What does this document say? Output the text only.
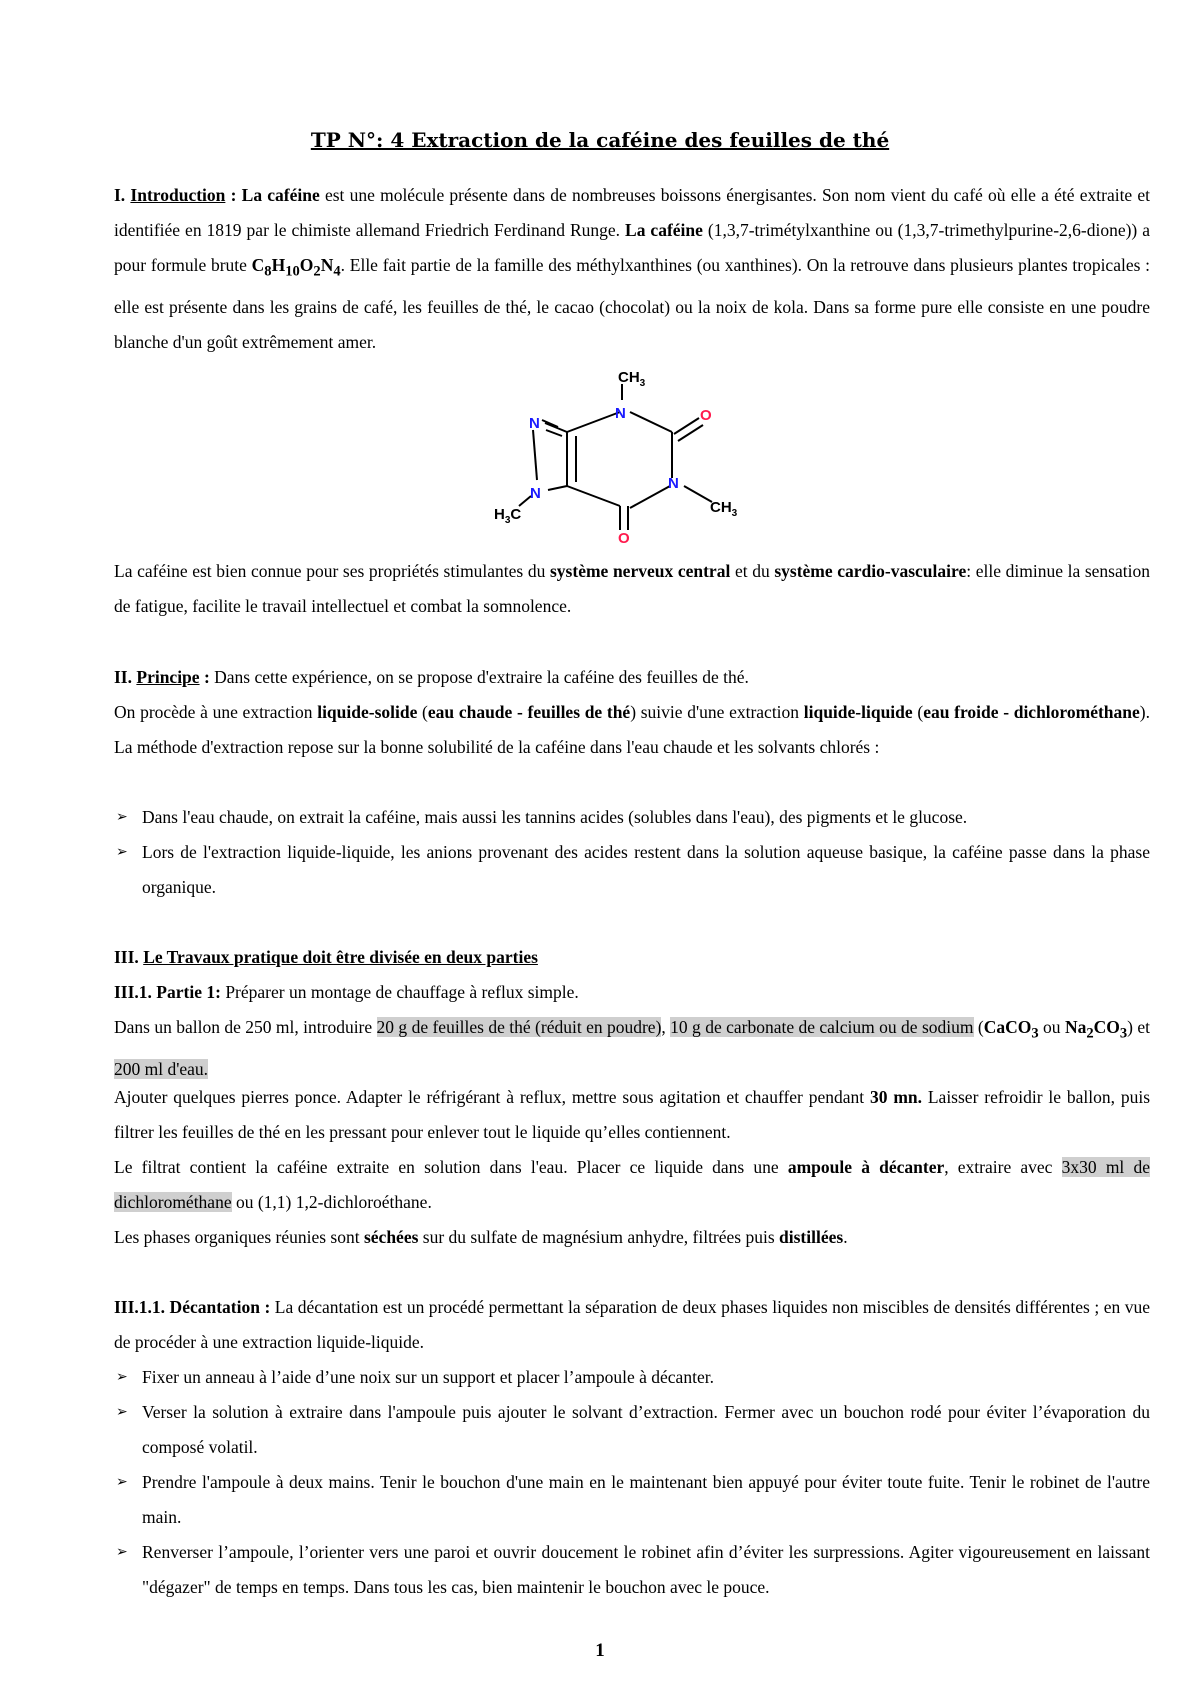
TP N°: 4 Extraction de la caféine des feuilles de thé
I. Introduction : La caféine est une molécule présente dans de nombreuses boissons énergisantes. Son nom vient du café où elle a été extraite et identifiée en 1819 par le chimiste allemand Friedrich Ferdinand Runge. La caféine (1,3,7-trimétylxanthine ou (1,3,7-trimethylpurine-2,6-dione)) a pour formule brute $C_8H_{10}O_2N_4$. Elle fait partie de la famille des méthylxanthines (ou xanthines). On la retrouve dans plusieurs plantes tropicales : elle est présente dans les grains de café, les feuilles de thé, le cacao (chocolat) ou la noix de kola. Dans sa forme pure elle consiste en une poudre blanche d'un goût extrêmement amer.
$CH_3$
N	O
N
$CH_3$
O
N
N
$H_3C$
La caféine est bien connue pour ses propriétés stimulantes du système nerveux central et du système cardio-vasculaire: elle diminue la sensation de fatigue, facilite le travail intellectuel et combat la somnolence.
II. Principe : Dans cette expérience, on se propose d'extraire la caféine des feuilles de thé.
On procède à une extraction liquide-solide (eau chaude - feuilles de thé) suivie d'une extraction liquide-liquide (eau froide - dichlorométhane). La méthode d'extraction repose sur la bonne solubilité de la caféine dans l'eau chaude et les solvants chlorés :
➢ Dans l'eau chaude, on extrait la caféine, mais aussi les tannins acides (solubles dans l'eau), des pigments et le glucose.
➢ Lors de l'extraction liquide-liquide, les anions provenant des acides restent dans la solution aqueuse basique, la caféine passe dans la phase organique.
III. Le Travaux pratique doit être divisée en deux parties
III.1. Partie 1: Préparer un montage de chauffage à reflux simple.
Dans un ballon de 250 ml, introduire 20 g de feuilles de thé (réduit en poudre), 10 g de carbonate de calcium ou de sodium (CaCO$_3$ ou $Na_2CO_3$) et 200 ml d'eau.
Ajouter quelques pierres ponce. Adapter le réfrigérant à reflux, mettre sous agitation et chauffer pendant 30 mn. Laisser refroidir le ballon, puis filtrer les feuilles de thé en les pressant pour enlever tout le liquide qu’elles contiennent.
Le filtrat contient la caféine extraite en solution dans l'eau. Placer ce liquide dans une ampoule à décanter, extraire avec 3x30 ml de dichlorométhane ou (1,1) 1,2-dichloroéthane.
Les phases organiques réunies sont séchées sur du sulfate de magnésium anhydre, filtrées puis distillées.
III.1.1. Décantation : La décantation est un procédé permettant la séparation de deux phases liquides non miscibles de densités différentes ; en vue de procéder à une extraction liquide-liquide.
➢ Fixer un anneau à l’aide d’une noix sur un support et placer l’ampoule à décanter.
➢ Verser la solution à extraire dans l'ampoule puis ajouter le solvant d’extraction. Fermer avec un bouchon rodé pour éviter l’évaporation du composé volatil.
➢ Prendre l'ampoule à deux mains. Tenir le bouchon d'une main en le maintenant bien appuyé pour éviter toute fuite. Tenir le robinet de l'autre main.
➢ Renverser l’ampoule, l’orienter vers une paroi et ouvrir doucement le robinet afin d’éviter les surpressions. Agiter vigoureusement en laissant "dégazer" de temps en temps. Dans tous les cas, bien maintenir le bouchon avec le pouce.
1
